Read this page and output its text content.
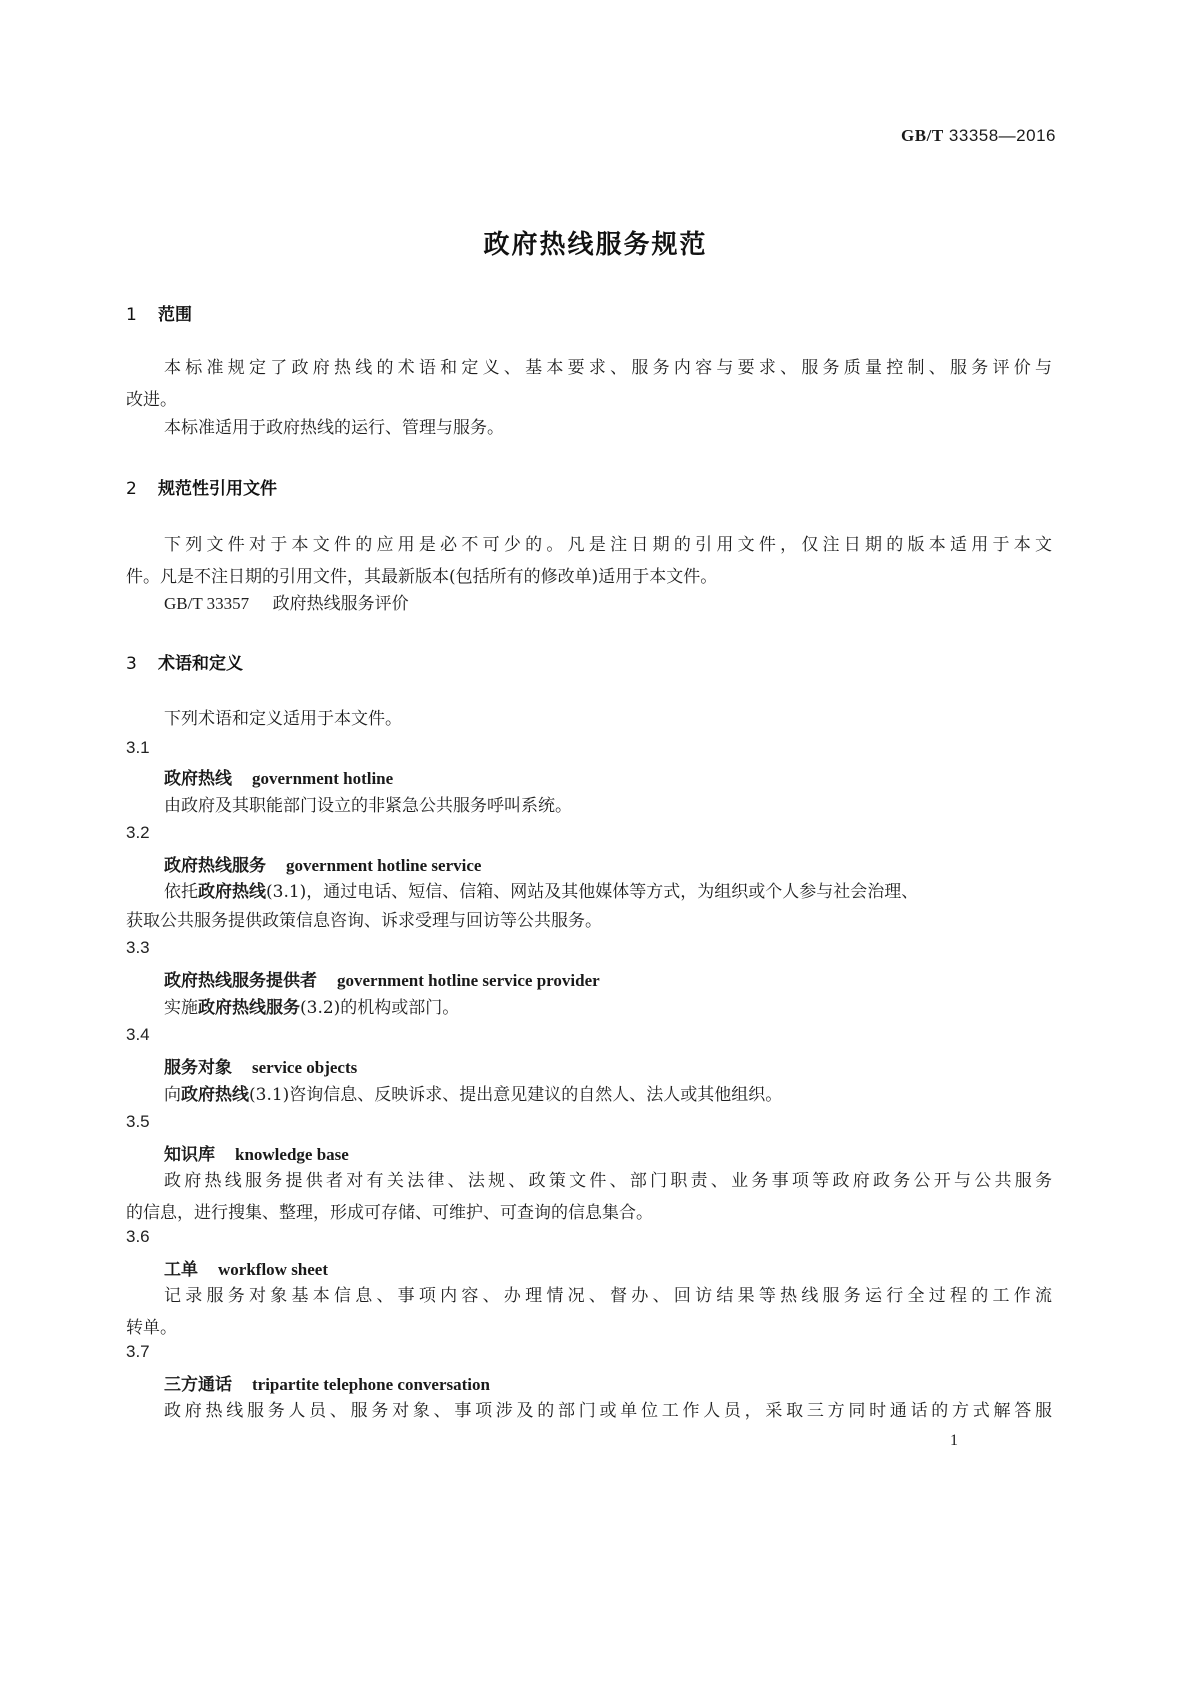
GB/T 33358—2016
政府热线服务规范
1 范围
本标准规定了政府热线的术语和定义、基本要求、服务内容与要求、服务质量控制、服务评价与
改进。
本标准适用于政府热线的运行、管理与服务。
2 规范性引用文件
下列文件对于本文件的应用是必不可少的。凡是注日期的引用文件，仅注日期的版本适用于本文
件。凡是不注日期的引用文件，其最新版本(包括所有的修改单)适用于本文件。
GB/T 33357 政府热线服务评价
3 术语和定义
下列术语和定义适用于本文件。
3.1
政府热线 government hotline
由政府及其职能部门设立的非紧急公共服务呼叫系统。
3.2
政府热线服务 government hotline service
依托政府热线(3.1)，通过电话、短信、信箱、网站及其他媒体等方式，为组织或个人参与社会治理、
获取公共服务提供政策信息咨询、诉求受理与回访等公共服务。
3.3
政府热线服务提供者 government hotline service provider
实施政府热线服务(3.2)的机构或部门。
3.4
服务对象 service objects
向政府热线(3.1)咨询信息、反映诉求、提出意见建议的自然人、法人或其他组织。
3.5
知识库 knowledge base
政府热线服务提供者对有关法律、法规、政策文件、部门职责、业务事项等政府政务公开与公共服务
的信息，进行搜集、整理，形成可存储、可维护、可查询的信息集合。
3.6
工单 workflow sheet
记录服务对象基本信息、事项内容、办理情况、督办、回访结果等热线服务运行全过程的工作流
转单。
3.7
三方通话 tripartite telephone conversation
政府热线服务人员、服务对象、事项涉及的部门或单位工作人员，采取三方同时通话的方式解答服
1
